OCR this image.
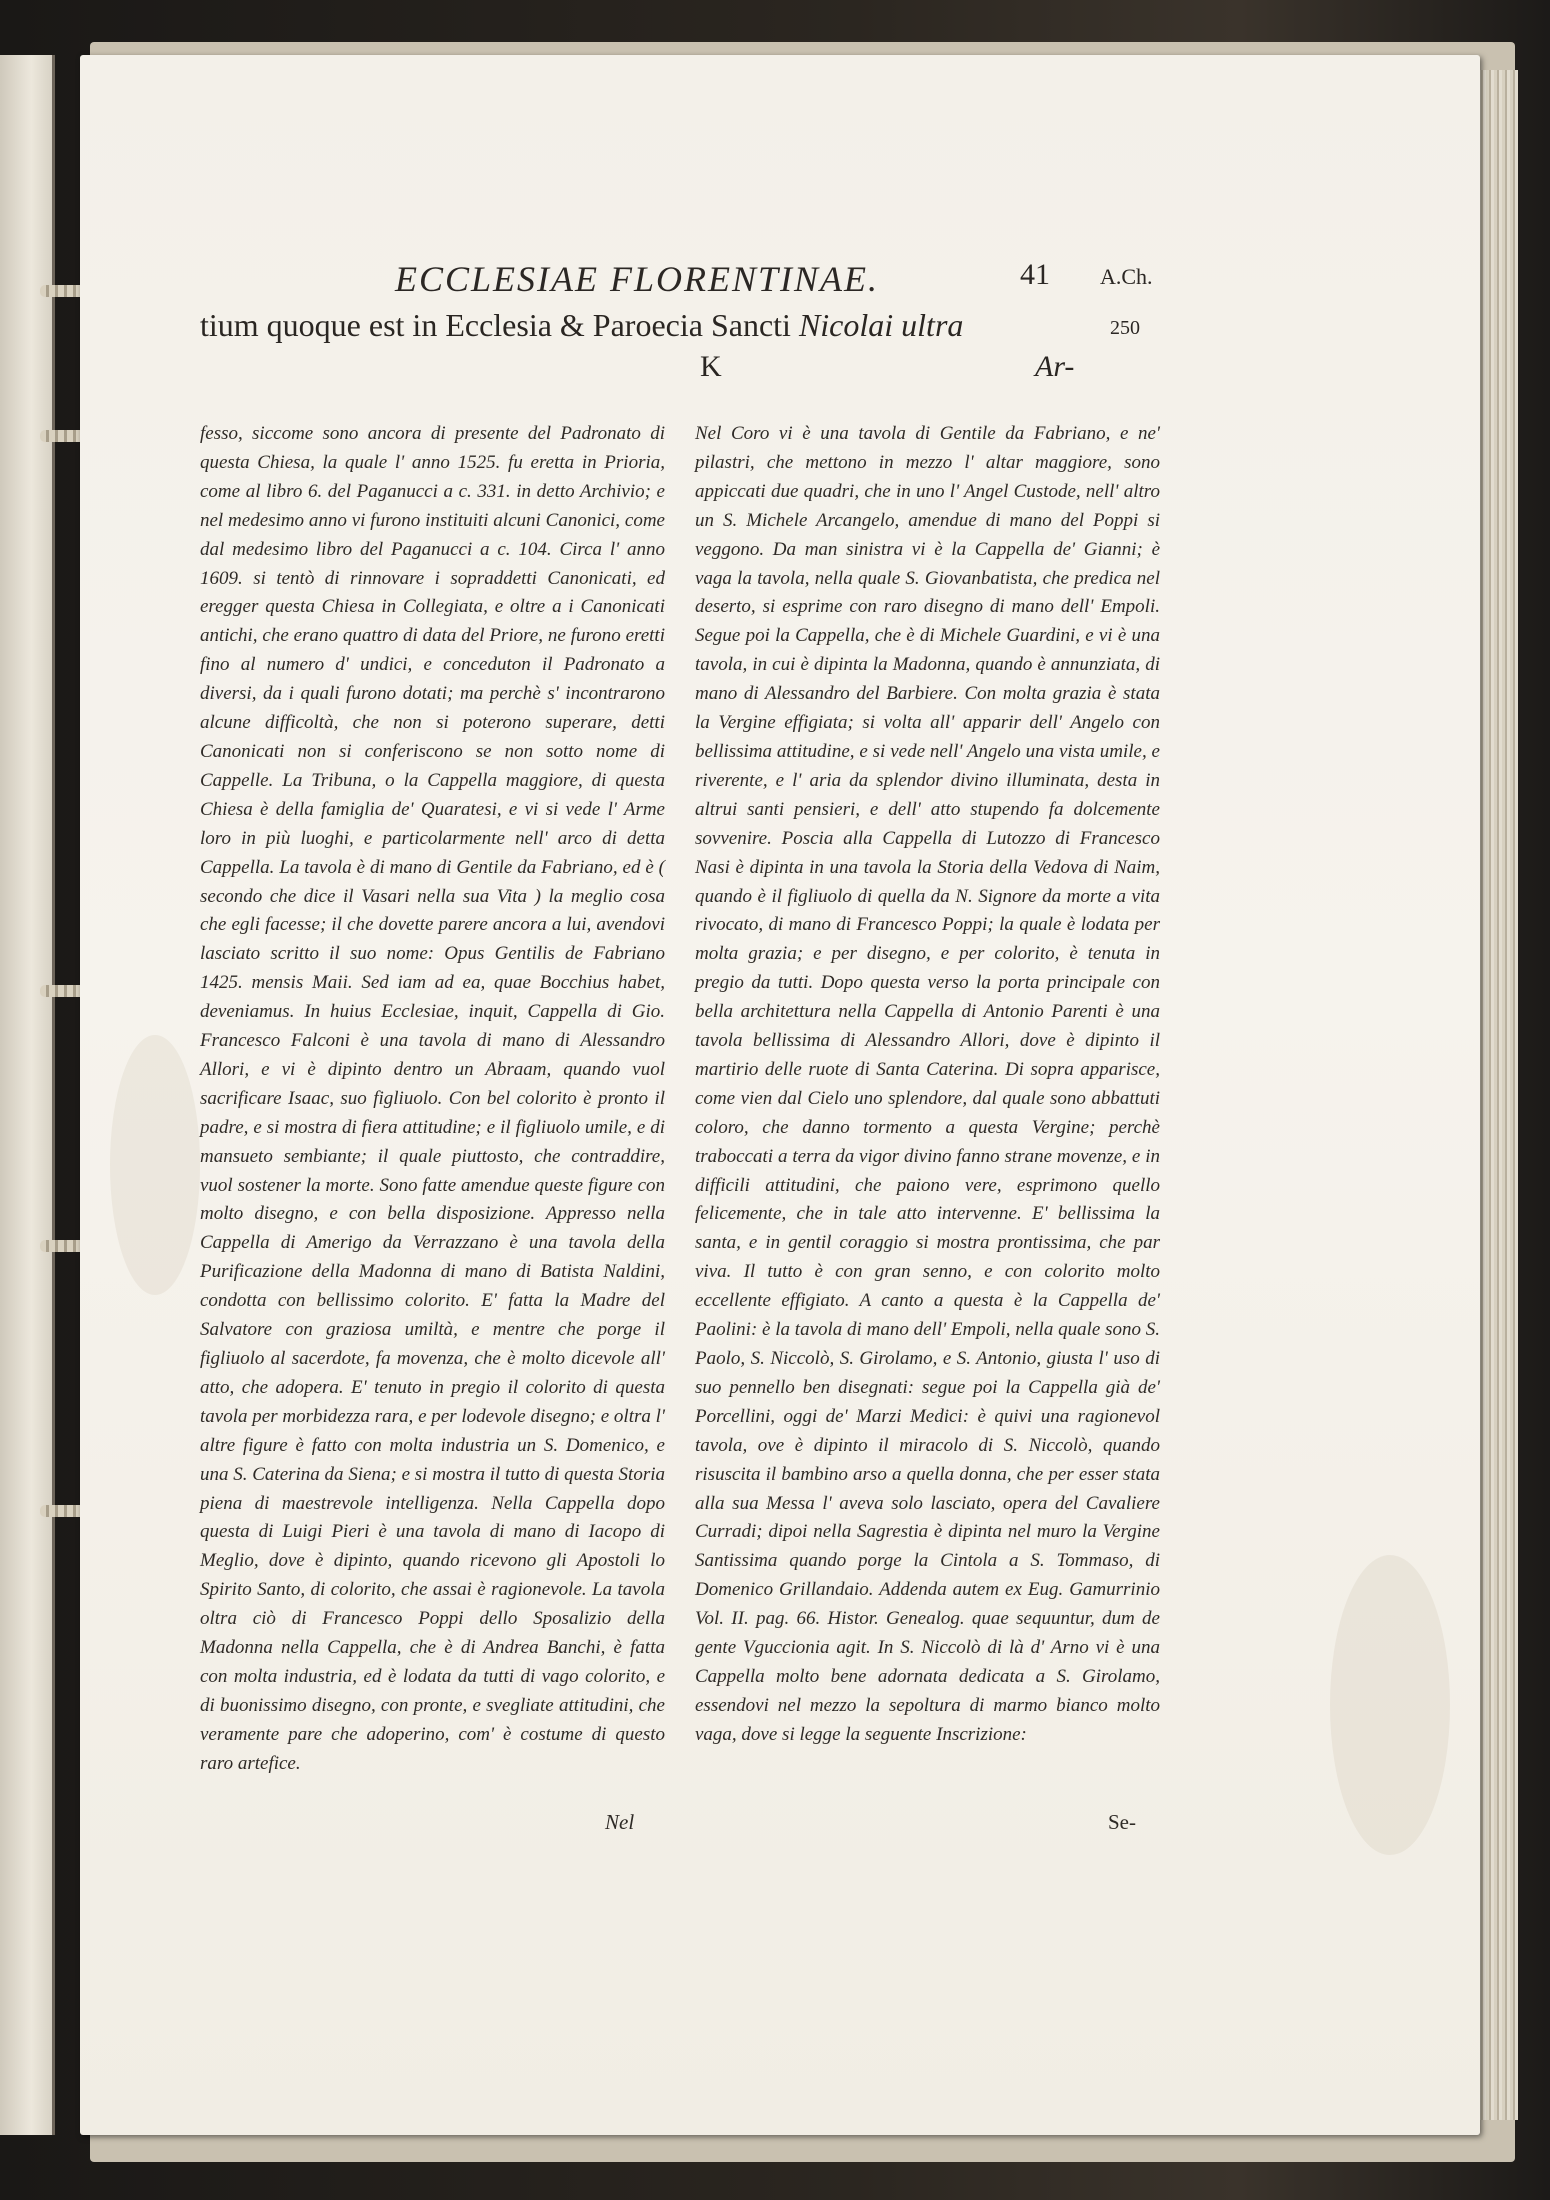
ECCLESIAE FLORENTINAE.	41 A.Ch.
tium quoque est in Ecclesia & Paroecia Sancti Nicolai ultra	250
K	Ar-

fesso, siccome sono ancora di presente del Padronato di questa Chiesa, la quale l' anno 1525. fu eretta in Prioria, come al libro 6. del Paganucci a c. 331. in detto Archivio; e nel medesimo anno vi furono instituiti alcuni Canonici, come dal medesimo libro del Paganucci a c. 104. Circa l' anno 1609. si tentò di rinnovare i sopraddetti Canonicati, ed eregger questa Chiesa in Collegiata, e oltre a i Canonicati antichi, che erano quattro di data del Priore, ne furono eretti fino al numero d' undici, e conceduton il Padronato a diversi, da i quali furono dotati; ma perchè s' incontrarono alcune difficoltà, che non si poterono superare, detti Canonicati non si conferiscono se non sotto nome di Cappelle. La Tribuna, o la Cappella maggiore, di questa Chiesa è della famiglia de' Quaratesi, e vi si vede l' Arme loro in più luoghi, e particolarmente nell' arco di detta Cappella. La tavola è di mano di Gentile da Fabriano, ed è ( secondo che dice il Vasari nella sua Vita ) la meglio cosa che egli facesse; il che dovette parere ancora a lui, avendovi lasciato scritto il suo nome: Opus Gentilis de Fabriano 1425. mensis Maii. Sed iam ad ea, quae Bocchius habet, deveniamus. In huius Ecclesiae, inquit, Cappella di Gio. Francesco Falconi è una tavola di mano di Alessandro Allori, e vi è dipinto dentro un Abraam, quando vuol sacrificare Isaac, suo figliuolo. Con bel colorito è pronto il padre, e si mostra di fiera attitudine; e il figliuolo umile, e di mansueto sembiante; il quale piuttosto, che contraddire, vuol sostener la morte. Sono fatte amendue queste figure con molto disegno, e con bella disposizione. Appresso nella Cappella di Amerigo da Verrazzano è una tavola della Purificazione della Madonna di mano di Batista Naldini, condotta con bellissimo colorito. E' fatta la Madre del Salvatore con graziosa umiltà, e mentre che porge il figliuolo al sacerdote, fa movenza, che è molto dicevole all' atto, che adopera. E' tenuto in pregio il colorito di questa tavola per morbidezza rara, e per lodevole disegno; e oltra l' altre figure è fatto con molta industria un S. Domenico, e una S. Caterina da Siena; e si mostra il tutto di questa Storia piena di maestrevole intelligenza. Nella Cappella dopo questa di Luigi Pieri è una tavola di mano di Iacopo di Meglio, dove è dipinto, quando ricevono gli Apostoli lo Spirito Santo, di colorito, che assai è ragionevole. La tavola oltra ciò di Francesco Poppi dello Sposalizio della Madonna nella Cappella, che è di Andrea Banchi, è fatta con molta industria, ed è lodata da tutti di vago colorito, e di buonissimo disegno, con pronte, e svegliate attitudini, che veramente pare che adoperino, com' è costume di questo raro artefice.

Nel Coro vi è una tavola di Gentile da Fabriano, e ne' pilastri, che mettono in mezzo l' altar maggiore, sono appiccati due quadri, che in uno l' Angel Custode, nell' altro un S. Michele Arcangelo, amendue di mano del Poppi si veggono. Da man sinistra vi è la Cappella de' Gianni; è vaga la tavola, nella quale S. Giovanbatista, che predica nel deserto, si esprime con raro disegno di mano dell' Empoli. Segue poi la Cappella, che è di Michele Guardini, e vi è una tavola, in cui è dipinta la Madonna, quando è annunziata, di mano di Alessandro del Barbiere. Con molta grazia è stata la Vergine effigiata; si volta all' apparir dell' Angelo con bellissima attitudine, e si vede nell' Angelo una vista umile, e riverente, e l' aria da splendor divino illuminata, desta in altrui santi pensieri, e dell' atto stupendo fa dolcemente sovvenire. Poscia alla Cappella di Lutozzo di Francesco Nasi è dipinta in una tavola la Storia della Vedova di Naim, quando è il figliuolo di quella da N. Signore da morte a vita rivocato, di mano di Francesco Poppi; la quale è lodata per molta grazia; e per disegno, e per colorito, è tenuta in pregio da tutti. Dopo questa verso la porta principale con bella architettura nella Cappella di Antonio Parenti è una tavola bellissima di Alessandro Allori, dove è dipinto il martirio delle ruote di Santa Caterina. Di sopra apparisce, come vien dal Cielo uno splendore, dal quale sono abbattuti coloro, che danno tormento a questa Vergine; perchè traboccati a terra da vigor divino fanno strane movenze, e in difficili attitudini, che paiono vere, esprimono quello felicemente, che in tale atto intervenne. E' bellissima la santa, e in gentil coraggio si mostra prontissima, che par viva. Il tutto è con gran senno, e con colorito molto eccellente effigiato. A canto a questa è la Cappella de' Paolini: è la tavola di mano dell' Empoli, nella quale sono S. Paolo, S. Niccolò, S. Girolamo, e S. Antonio, giusta l' uso di suo pennello ben disegnati: segue poi la Cappella già de' Porcellini, oggi de' Marzi Medici: è quivi una ragionevol tavola, ove è dipinto il miracolo di S. Niccolò, quando risuscita il bambino arso a quella donna, che per esser stata alla sua Messa l' aveva solo lasciato, opera del Cavaliere Curradi; dipoi nella Sagrestia è dipinta nel muro la Vergine Santissima quando porge la Cintola a S. Tommaso, di Domenico Grillandaio. Addenda autem ex Eug. Gamurrinio Vol. II. pag. 66. Histor. Genealog. quae sequuntur, dum de gente Vguccionia agit. In S. Niccolò di là d' Arno vi è una Cappella molto bene adornata dedicata a S. Girolamo, essendovi nel mezzo la sepoltura di marmo bianco molto vaga, dove si legge la seguente Inscrizione:

Nel	Se-
